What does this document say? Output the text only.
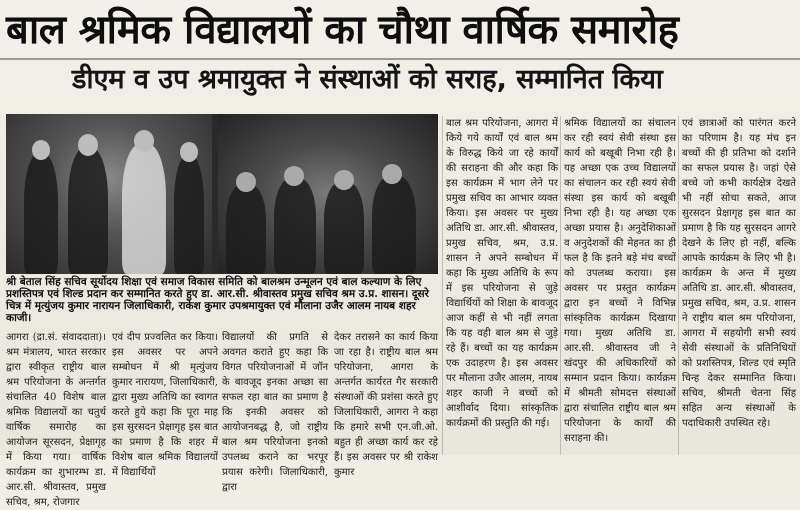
बाल श्रमिक विद्यालयों का चौथा वार्षिक समारोह
डीएम व उप श्रमायुक्त ने संस्थाओं को सराह, सम्मानित किया
श्री बेताल सिंह सचिव सूर्योदय शिक्षा एवं समाज विकास समिति को बालश्रम उन्मूलन एवं बाल कल्याण के लिए प्रशस्तिपत्र एवं शिल्ड प्रदान कर सम्मानित करते हुए डा. आर.सी. श्रीवास्तव प्रमुख सचिव श्रम उ.प्र. शासन। दूसरे चित्र में मृत्युंजय कुमार नारायन जिलाधिकारी, राकेश कुमार उपश्रमायुक्त एवं मौलाना उजैर आलम नायब शहर काजी।
आगरा (द्रा.सं. संवाददाता)। श्रम मंत्रालय, भारत सरकार द्वारा स्वीकृत राष्ट्रीय बाल श्रम परियोजना के अन्तर्गत संचालित 40 विशेष बाल श्रमिक विद्यालयों का चतुर्थ वार्षिक समारोह का आयोजन सूरसदन, प्रेक्षागृह में किया गया। वार्षिक कार्यक्रम का शुभारम्भ डा. आर.सी. श्रीवास्तव, प्रमुख सचिव, श्रम, रोजगार
एवं दीप प्रज्वलित कर किया। इस अवसर पर अपने सम्बोधन में श्री मृत्युंजय कुमार नारायण, जिलाधिकारी, द्वारा मुख्य अतिथि का स्वागत करते हुये कहा कि पूरा माह इस सुरसदन प्रेक्षागृह इस बात का प्रमाण है कि शहर में विशेष बाल श्रमिक विद्यालयों में विद्यार्थियों
विद्यालयों की प्रगति से अवगत कराते हुए कहा कि विगत परियोजनाओं में जॉन के बावजूद इनका अच्छा सा सफल रहा बात का प्रमाण है कि इनकी अवसर को आयोजनबद्ध है, जो राष्ट्रीय बाल श्रम परियोजना इनको उपलब्ध कराने का भरपूर प्रयास करेगी। जिलाधिकारी, द्वारा
देकर तरासने का कार्य किया जा रहा है। राष्ट्रीय बाल श्रम परियोजना, आगरा के अन्तर्गत कार्यरत गैर सरकारी संस्थाओं की प्रशंसा करते हुए जिलाधिकारी, आगरा ने कहा कि हमारे सभी एन.जी.ओ. बहुत ही अच्छा कार्य कर रहे हैं। इस अवसर पर श्री राकेश कुमार
बाल श्रम परियोजना, आगरा में किये गये कार्यों एवं बाल श्रम के विरुद्ध किये जा रहे कार्यों की सराहना की और कहा कि इस कार्यक्रम में भाग लेने पर प्रमुख सचिव का आभार व्यक्त किया। इस अवसर पर मुख्य अतिथि डा. आर.सी. श्रीवास्तव, प्रमुख सचिव, श्रम, उ.प्र. शासन ने अपने सम्बोधन में कहा कि मुख्य अतिथि के रूप में इस परियोजना से जुड़े विद्यार्थियों को शिक्षा के बावजूद आज कहीं से भी नहीं लगता कि यह वही बाल श्रम से जुड़े रहे हैं। बच्चों का यह कार्यक्रम एक उदाहरण है। इस अवसर पर मौलाना उजैर आलम, नायब शहर काजी ने बच्चों को आशीर्वाद दिया। सांस्कृतिक कार्यक्रमों की प्रस्तुति की गई।
श्रमिक विद्यालयों का संचालन कर रही स्वयं सेवी संस्था इस कार्य को बखूबी निभा रही है। यह अच्छा एक उच्च विद्यालयों का संचालन कर रही स्वयं सेवी संस्था इस कार्य को बखूबी निभा रही है। यह अच्छा एक अच्छा प्रयास है। अनुदेशिकाओं व अनुदेशकों की मेहनत का ही फल है कि इतने बड़े मंच बच्चों को उपलब्ध कराया। इस अवसर पर प्रस्तुत कार्यक्रम द्वारा इन बच्चों ने विभिन्न सांस्कृतिक कार्यक्रम दिखाया गया। मुख्य अतिथि डा. आर.सी. श्रीवास्तव जी ने खंदपुर की अधिकारियों को सम्मान प्रदान किया। कार्यक्रम में श्रीमती सोमदत्त संस्थाओं द्वारा संचालित राष्ट्रीय बाल श्रम परियोजना के कार्यों की सराहना की।
एवं छात्राओं को पारंगत करने का परिणाम है। यह मंच इन बच्चों की ही प्रतिभा को दर्शाने का सफल प्रयास है। जहां ऐसे बच्चे जो कभी कार्यक्षेत्र देखते भी नहीं सोचा सकते, आज सुरसदन प्रेक्षागृह इस बात का प्रमाण है कि यह सुरसदन आगरे देखने के लिए हो नहीं, बल्कि आपके कार्यक्रम के लिए भी है। कार्यक्रम के अन्त में मुख्य अतिथि डा. आर.सी. श्रीवास्तव, प्रमुख सचिव, श्रम, उ.प्र. शासन ने राष्ट्रीय बाल श्रम परियोजना, आगरा में सहयोगी सभी स्वयं सेवी संस्थाओं के प्रतिनिधियों को प्रशस्तिपत्र, शिल्ड एवं स्मृति चिन्ह देकर सम्मानित किया। सचिव, श्रीमती चेतना सिंह सहित अन्य संस्थाओं के पदाधिकारी उपस्थित रहे।
